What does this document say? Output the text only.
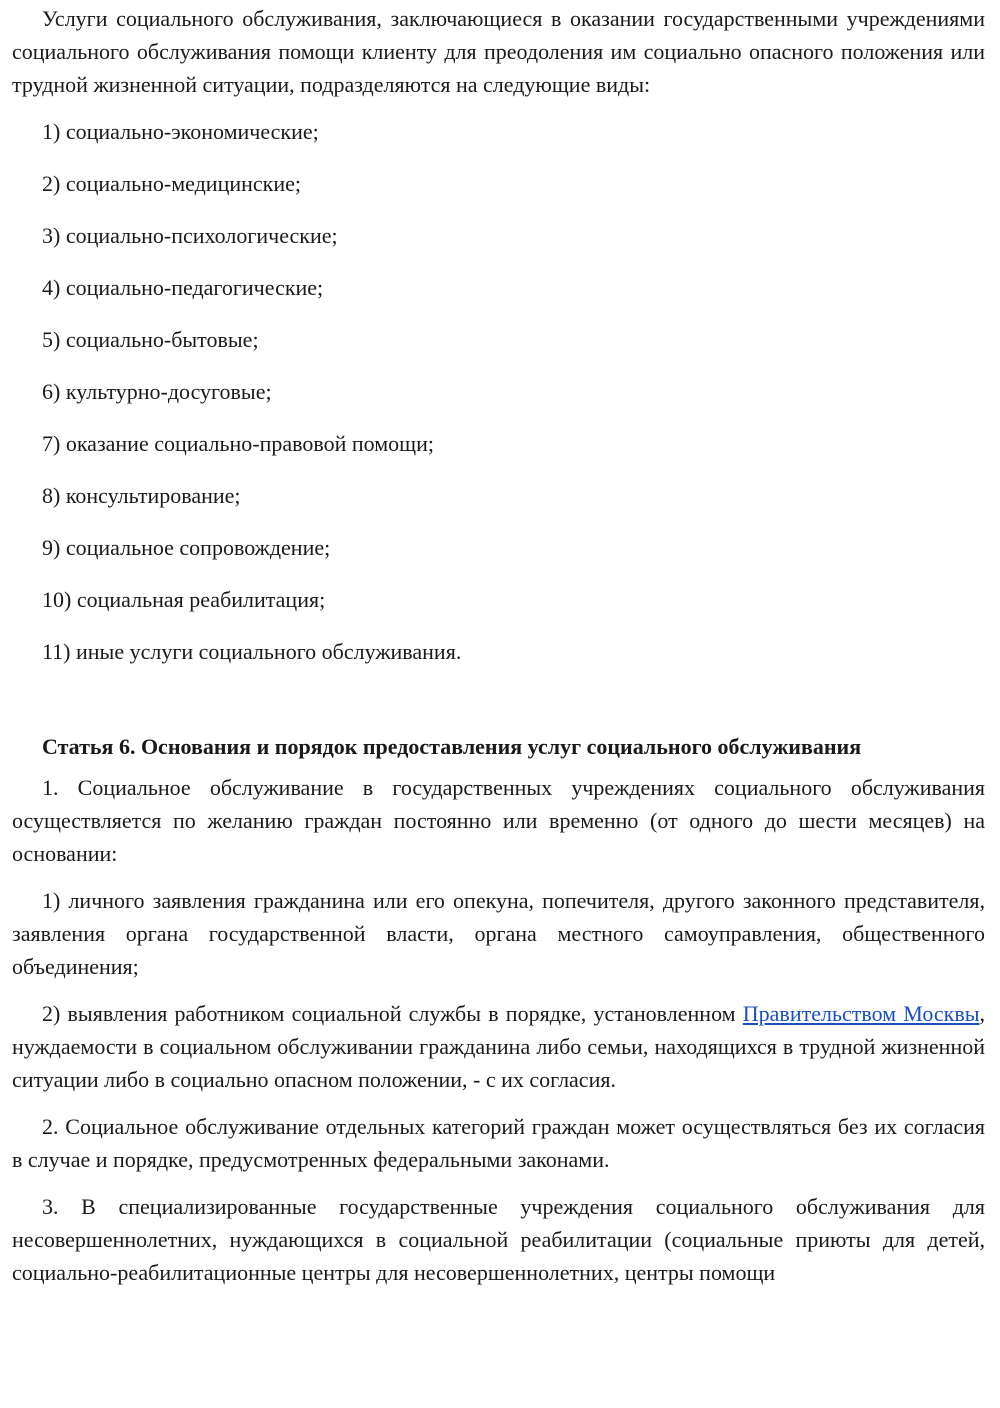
Услуги социального обслуживания, заключающиеся в оказании государственными учреждениями социального обслуживания помощи клиенту для преодоления им социально опасного положения или трудной жизненной ситуации, подразделяются на следующие виды:

1) социально-экономические;
2) социально-медицинские;
3) социально-психологические;
4) социально-педагогические;
5) социально-бытовые;
6) культурно-досуговые;
7) оказание социально-правовой помощи;
8) консультирование;
9) социальное сопровождение;
10) социальная реабилитация;
11) иные услуги социального обслуживания.
Статья 6. Основания и порядок предоставления услуг социального обслуживания

1. Социальное обслуживание в государственных учреждениях социального обслуживания осуществляется по желанию граждан постоянно или временно (от одного до шести месяцев) на основании:

1) личного заявления гражданина или его опекуна, попечителя, другого законного представителя, заявления органа государственной власти, органа местного самоуправления, общественного объединения;

2) выявления работником социальной службы в порядке, установленном Правительством Москвы, нуждаемости в социальном обслуживании гражданина либо семьи, находящихся в трудной жизненной ситуации либо в социально опасном положении, - с их согласия.

2. Социальное обслуживание отдельных категорий граждан может осуществляться без их согласия в случае и порядке, предусмотренных федеральными законами.

3. В специализированные государственные учреждения социального обслуживания для несовершеннолетних, нуждающихся в социальной реабилитации (социальные приюты для детей, социально-реабилитационные центры для несовершеннолетних, центры помощи
